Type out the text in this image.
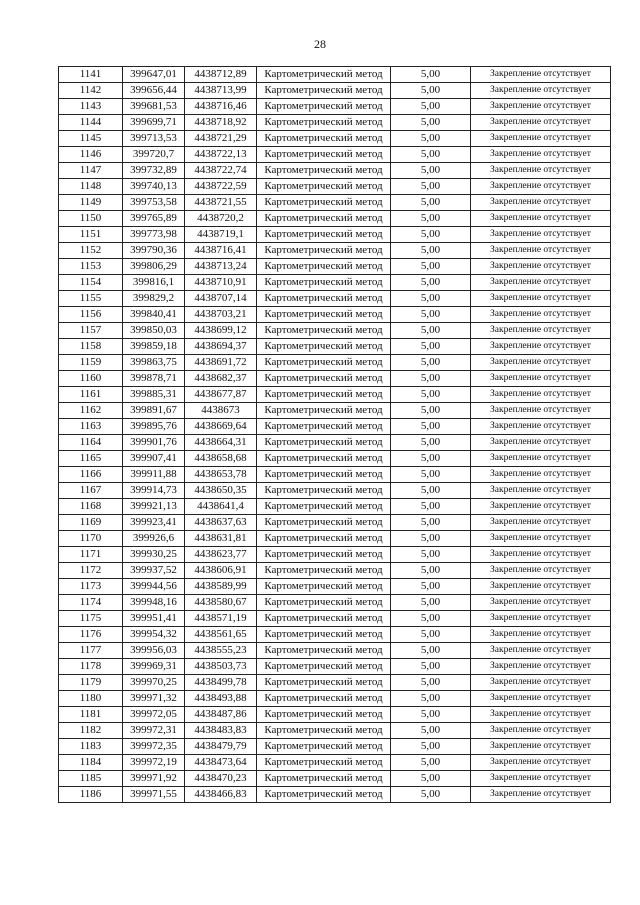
28
1141	399647,01	4438712,89	Картометрический метод	5,00	Закрепление отсутствует
1142	399656,44	4438713,99	Картометрический метод	5,00	Закрепление отсутствует
1143	399681,53	4438716,46	Картометрический метод	5,00	Закрепление отсутствует
1144	399699,71	4438718,92	Картометрический метод	5,00	Закрепление отсутствует
1145	399713,53	4438721,29	Картометрический метод	5,00	Закрепление отсутствует
1146	399720,7	4438722,13	Картометрический метод	5,00	Закрепление отсутствует
1147	399732,89	4438722,74	Картометрический метод	5,00	Закрепление отсутствует
1148	399740,13	4438722,59	Картометрический метод	5,00	Закрепление отсутствует
1149	399753,58	4438721,55	Картометрический метод	5,00	Закрепление отсутствует
1150	399765,89	4438720,2	Картометрический метод	5,00	Закрепление отсутствует
1151	399773,98	4438719,1	Картометрический метод	5,00	Закрепление отсутствует
1152	399790,36	4438716,41	Картометрический метод	5,00	Закрепление отсутствует
1153	399806,29	4438713,24	Картометрический метод	5,00	Закрепление отсутствует
1154	399816,1	4438710,91	Картометрический метод	5,00	Закрепление отсутствует
1155	399829,2	4438707,14	Картометрический метод	5,00	Закрепление отсутствует
1156	399840,41	4438703,21	Картометрический метод	5,00	Закрепление отсутствует
1157	399850,03	4438699,12	Картометрический метод	5,00	Закрепление отсутствует
1158	399859,18	4438694,37	Картометрический метод	5,00	Закрепление отсутствует
1159	399863,75	4438691,72	Картометрический метод	5,00	Закрепление отсутствует
1160	399878,71	4438682,37	Картометрический метод	5,00	Закрепление отсутствует
1161	399885,31	4438677,87	Картометрический метод	5,00	Закрепление отсутствует
1162	399891,67	4438673	Картометрический метод	5,00	Закрепление отсутствует
1163	399895,76	4438669,64	Картометрический метод	5,00	Закрепление отсутствует
1164	399901,76	4438664,31	Картометрический метод	5,00	Закрепление отсутствует
1165	399907,41	4438658,68	Картометрический метод	5,00	Закрепление отсутствует
1166	399911,88	4438653,78	Картометрический метод	5,00	Закрепление отсутствует
1167	399914,73	4438650,35	Картометрический метод	5,00	Закрепление отсутствует
1168	399921,13	4438641,4	Картометрический метод	5,00	Закрепление отсутствует
1169	399923,41	4438637,63	Картометрический метод	5,00	Закрепление отсутствует
1170	399926,6	4438631,81	Картометрический метод	5,00	Закрепление отсутствует
1171	399930,25	4438623,77	Картометрический метод	5,00	Закрепление отсутствует
1172	399937,52	4438606,91	Картометрический метод	5,00	Закрепление отсутствует
1173	399944,56	4438589,99	Картометрический метод	5,00	Закрепление отсутствует
1174	399948,16	4438580,67	Картометрический метод	5,00	Закрепление отсутствует
1175	399951,41	4438571,19	Картометрический метод	5,00	Закрепление отсутствует
1176	399954,32	4438561,65	Картометрический метод	5,00	Закрепление отсутствует
1177	399956,03	4438555,23	Картометрический метод	5,00	Закрепление отсутствует
1178	399969,31	4438503,73	Картометрический метод	5,00	Закрепление отсутствует
1179	399970,25	4438499,78	Картометрический метод	5,00	Закрепление отсутствует
1180	399971,32	4438493,88	Картометрический метод	5,00	Закрепление отсутствует
1181	399972,05	4438487,86	Картометрический метод	5,00	Закрепление отсутствует
1182	399972,31	4438483,83	Картометрический метод	5,00	Закрепление отсутствует
1183	399972,35	4438479,79	Картометрический метод	5,00	Закрепление отсутствует
1184	399972,19	4438473,64	Картометрический метод	5,00	Закрепление отсутствует
1185	399971,92	4438470,23	Картометрический метод	5,00	Закрепление отсутствует
1186	399971,55	4438466,83	Картометрический метод	5,00	Закрепление отсутствует
